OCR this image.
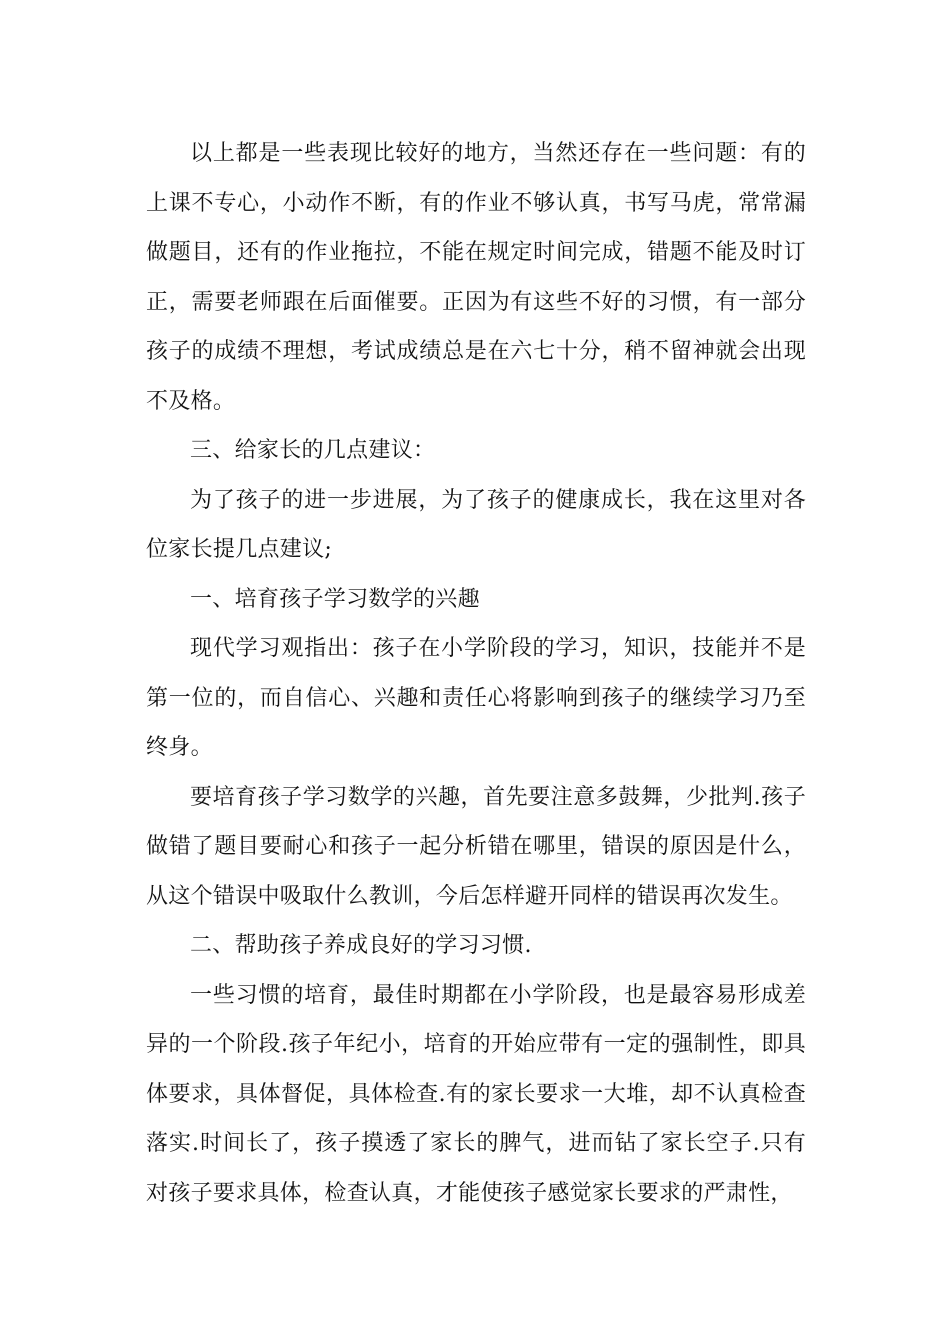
以上都是一些表现比较好的地方，当然还存在一些问题：有的上课不专心，小动作不断，有的作业不够认真，书写马虎，常常漏做题目，还有的作业拖拉，不能在规定时间完成，错题不能及时订正，需要老师跟在后面催要。正因为有这些不好的习惯，有一部分孩子的成绩不理想，考试成绩总是在六七十分，稍不留神就会出现不及格。

三、给家长的几点建议：

为了孩子的进一步进展，为了孩子的健康成长，我在这里对各位家长提几点建议;

一、培育孩子学习数学的兴趣

现代学习观指出：孩子在小学阶段的学习，知识，技能并不是第一位的，而自信心、兴趣和责任心将影响到孩子的继续学习乃至终身。

要培育孩子学习数学的兴趣，首先要注意多鼓舞，少批判.孩子做错了题目要耐心和孩子一起分析错在哪里，错误的原因是什么，从这个错误中吸取什么教训，今后怎样避开同样的错误再次发生。

二、帮助孩子养成良好的学习习惯.

一些习惯的培育，最佳时期都在小学阶段，也是最容易形成差异的一个阶段.孩子年纪小，培育的开始应带有一定的强制性，即具体要求，具体督促，具体检查.有的家长要求一大堆，却不认真检查落实.时间长了，孩子摸透了家长的脾气，进而钻了家长空子.只有对孩子要求具体，检查认真，才能使孩子感觉家长要求的严肃性，
